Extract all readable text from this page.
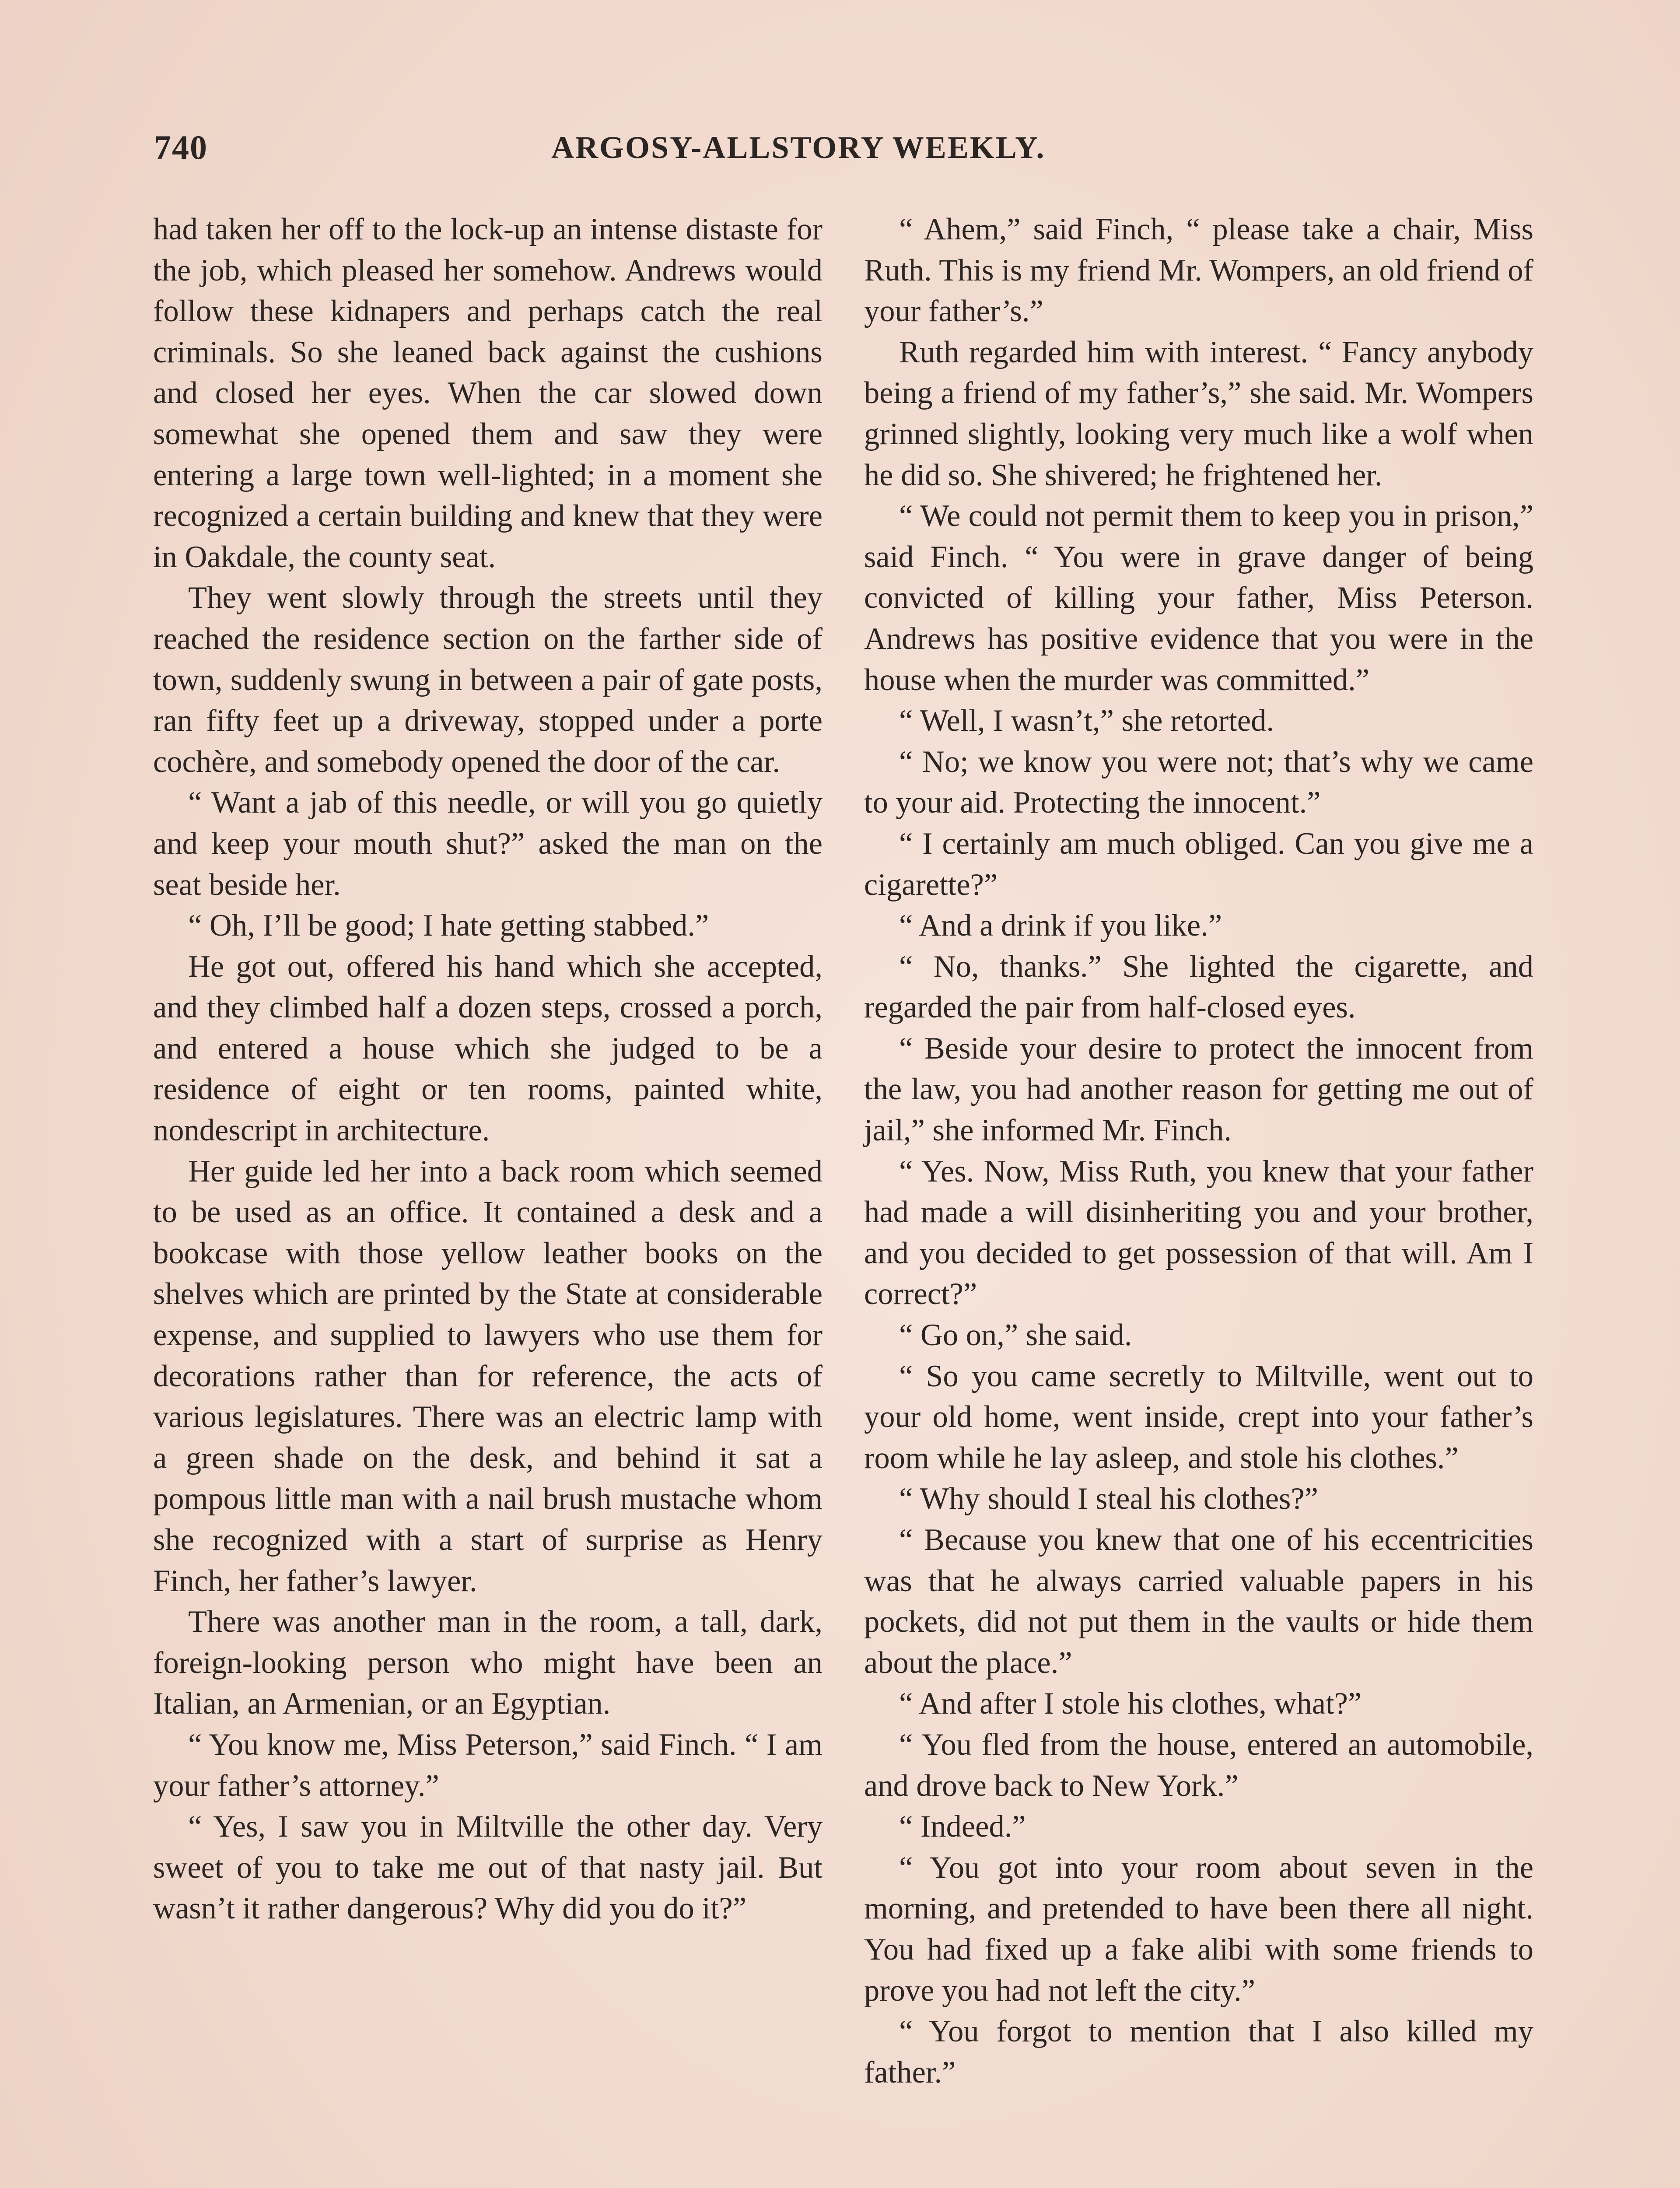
740	ARGOSY-ALLSTORY WEEKLY.

had taken her off to the lock-up an intense distaste for the job, which pleased her somehow. Andrews would follow these kidnapers and perhaps catch the real criminals. So she leaned back against the cushions and closed her eyes. When the car slowed down somewhat she opened them and saw they were entering a large town well-lighted; in a moment she recognized a certain building and knew that they were in Oakdale, the county seat.

They went slowly through the streets until they reached the residence section on the farther side of town, suddenly swung in between a pair of gate posts, ran fifty feet up a driveway, stopped under a porte cochère, and somebody opened the door of the car.

“ Want a jab of this needle, or will you go quietly and keep your mouth shut?” asked the man on the seat beside her.

“ Oh, I’ll be good; I hate getting stabbed.”

He got out, offered his hand which she accepted, and they climbed half a dozen steps, crossed a porch, and entered a house which she judged to be a residence of eight or ten rooms, painted white, nondescript in architecture.

Her guide led her into a back room which seemed to be used as an office. It contained a desk and a bookcase with those yellow leather books on the shelves which are printed by the State at considerable expense, and supplied to lawyers who use them for decorations rather than for reference, the acts of various legislatures. There was an electric lamp with a green shade on the desk, and behind it sat a pompous little man with a nail brush mustache whom she recognized with a start of surprise as Henry Finch, her father’s lawyer.

There was another man in the room, a tall, dark, foreign-looking person who might have been an Italian, an Armenian, or an Egyptian.

“ You know me, Miss Peterson,” said Finch. “ I am your father’s attorney.”

“ Yes, I saw you in Miltville the other day. Very sweet of you to take me out of that nasty jail. But wasn’t it rather dangerous? Why did you do it?”

“ Ahem,” said Finch, “ please take a chair, Miss Ruth. This is my friend Mr. Wompers, an old friend of your father’s.”

Ruth regarded him with interest. “ Fancy anybody being a friend of my father’s,” she said. Mr. Wompers grinned slightly, looking very much like a wolf when he did so. She shivered; he frightened her.

“ We could not permit them to keep you in prison,” said Finch. “ You were in grave danger of being convicted of killing your father, Miss Peterson. Andrews has positive evidence that you were in the house when the murder was committed.”

“ Well, I wasn’t,” she retorted.

“ No; we know you were not; that’s why we came to your aid. Protecting the innocent.”

“ I certainly am much obliged. Can you give me a cigarette?”

“ And a drink if you like.”

“ No, thanks.” She lighted the cigarette, and regarded the pair from half-closed eyes.

“ Beside your desire to protect the innocent from the law, you had another reason for getting me out of jail,” she informed Mr. Finch.

“ Yes. Now, Miss Ruth, you knew that your father had made a will disinheriting you and your brother, and you decided to get possession of that will. Am I correct?”

“ Go on,” she said.

“ So you came secretly to Miltville, went out to your old home, went inside, crept into your father’s room while he lay asleep, and stole his clothes.”

“ Why should I steal his clothes?”

“ Because you knew that one of his eccentricities was that he always carried valuable papers in his pockets, did not put them in the vaults or hide them about the place.”

“ And after I stole his clothes, what?”

“ You fled from the house, entered an automobile, and drove back to New York.”

“ Indeed.”

“ You got into your room about seven in the morning, and pretended to have been there all night. You had fixed up a fake alibi with some friends to prove you had not left the city.”

“ You forgot to mention that I also killed my father.”
